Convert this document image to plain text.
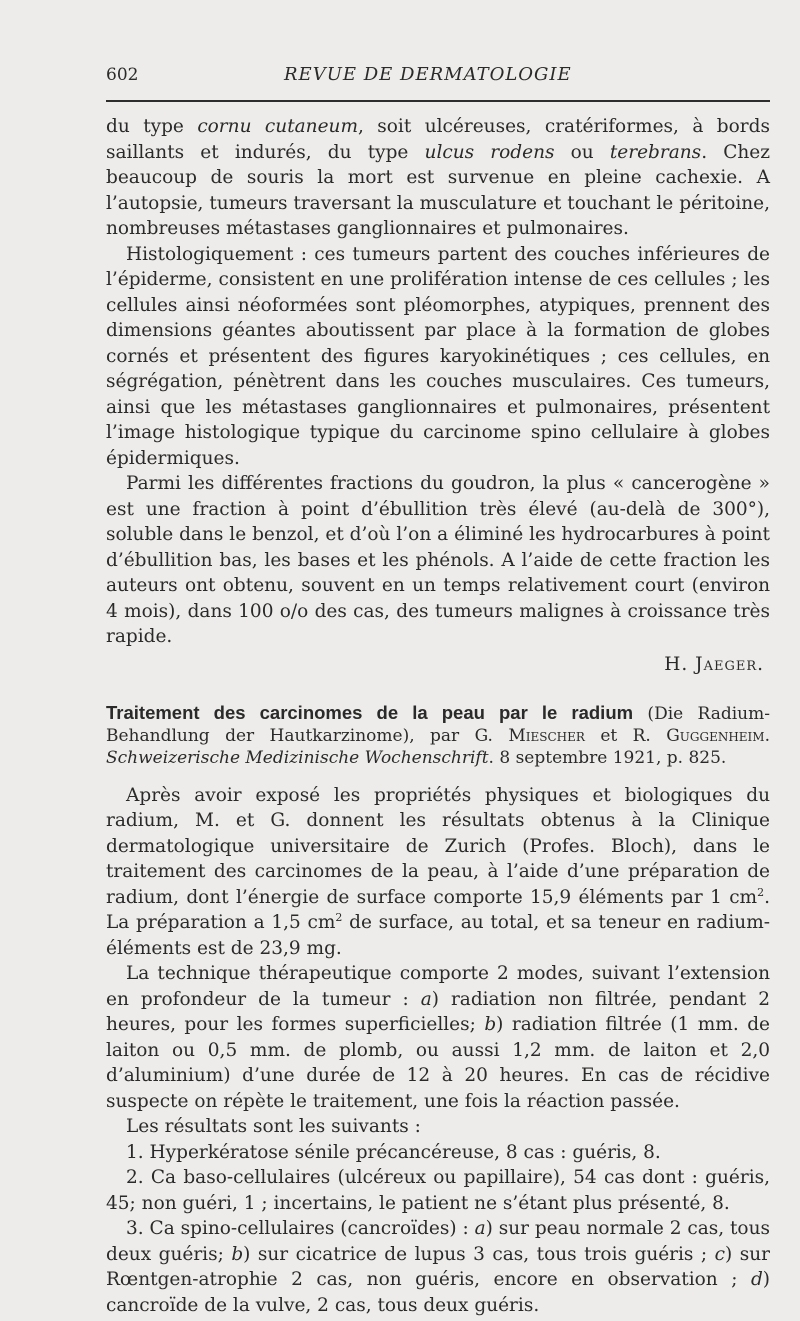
602	REVUE DE DERMATOLOGIE

du type cornu cutaneum, soit ulcéreuses, cratériformes, à bords saillants et indurés, du type ulcus rodens ou terebrans. Chez beaucoup de souris la mort est survenue en pleine cachexie. A l’autopsie, tumeurs traversant la musculature et touchant le péritoine, nombreuses métastases ganglionnaires et pulmonaires.

Histologiquement : ces tumeurs partent des couches inférieures de l’épiderme, consistent en une prolifération intense de ces cellules ; les cellules ainsi néoformées sont pléomorphes, atypiques, prennent des dimensions géantes aboutissent par place à la formation de globes cornés et présentent des figures karyokinétiques ; ces cellules, en ségrégation, pénètrent dans les couches musculaires. Ces tumeurs, ainsi que les métastases ganglionnaires et pulmonaires, présentent l’image histologique typique du carcinome spino cellulaire à globes épidermiques.

Parmi les différentes fractions du goudron, la plus « cancerogène » est une fraction à point d’ébullition très élevé (au-delà de 300°), soluble dans le benzol, et d’où l’on a éliminé les hydrocarbures à point d’ébullition bas, les bases et les phénols. A l’aide de cette fraction les auteurs ont obtenu, souvent en un temps relativement court (environ 4 mois), dans 100 o/o des cas, des tumeurs malignes à croissance très rapide.

H. Jaeger.
Traitement des carcinomes de la peau par le radium (Die Radium-Behandlung der Hautkarzinome), par G. Miescher et R. Guggenheim. Schweizerische Medizinische Wochenschrift. 8 septembre 1921, p. 825.

Après avoir exposé les propriétés physiques et biologiques du radium, M. et G. donnent les résultats obtenus à la Clinique dermatologique universitaire de Zurich (Profes. Bloch), dans le traitement des carcinomes de la peau, à l’aide d’une préparation de radium, dont l’énergie de surface comporte 15,9 éléments par 1 $cm^2$. La préparation a 1,5 $cm^2$ de surface, au total, et sa teneur en radium-éléments est de 23,9 mg.

La technique thérapeutique comporte 2 modes, suivant l’extension en profondeur de la tumeur : a) radiation non filtrée, pendant 2 heures, pour les formes superficielles; b) radiation filtrée (1 mm. de laiton ou 0,5 mm. de plomb, ou aussi 1,2 mm. de laiton et 2,0 d’aluminium) d’une durée de 12 à 20 heures. En cas de récidive suspecte on répète le traitement, une fois la réaction passée.

Les résultats sont les suivants :

1. Hyperkératose sénile précancéreuse, 8 cas : guéris, 8.

2. Ca baso-cellulaires (ulcéreux ou papillaire), 54 cas dont : guéris, 45; non guéri, 1 ; incertains, le patient ne s’étant plus présenté, 8.

3. Ca spino-cellulaires (cancroïdes) : a) sur peau normale 2 cas, tous deux guéris; b) sur cicatrice de lupus 3 cas, tous trois guéris ; c) sur Rœntgen-atrophie 2 cas, non guéris, encore en observation ; d) cancroïde de la vulve, 2 cas, tous deux guéris.
